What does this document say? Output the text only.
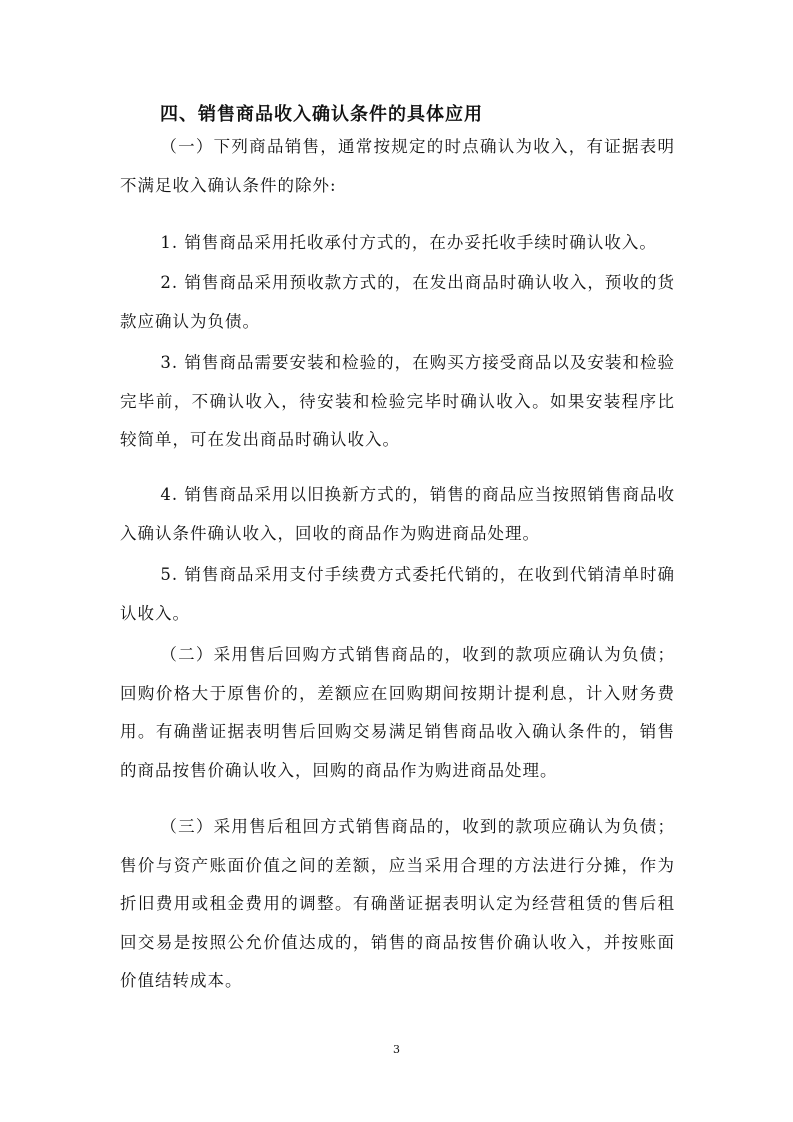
四、销售商品收入确认条件的具体应用

（一）下列商品销售，通常按规定的时点确认为收入，有证据表明不满足收入确认条件的除外:

1. 销售商品采用托收承付方式的，在办妥托收手续时确认收入。

2. 销售商品采用预收款方式的，在发出商品时确认收入，预收的货款应确认为负债。

3. 销售商品需要安装和检验的，在购买方接受商品以及安装和检验完毕前，不确认收入，待安装和检验完毕时确认收入。如果安装程序比较简单，可在发出商品时确认收入。

4. 销售商品采用以旧换新方式的，销售的商品应当按照销售商品收入确认条件确认收入，回收的商品作为购进商品处理。

5. 销售商品采用支付手续费方式委托代销的，在收到代销清单时确认收入。

（二）采用售后回购方式销售商品的，收到的款项应确认为负债；回购价格大于原售价的，差额应在回购期间按期计提利息，计入财务费用。有确凿证据表明售后回购交易满足销售商品收入确认条件的，销售的商品按售价确认收入，回购的商品作为购进商品处理。

（三）采用售后租回方式销售商品的，收到的款项应确认为负债；售价与资产账面价值之间的差额，应当采用合理的方法进行分摊，作为折旧费用或租金费用的调整。有确凿证据表明认定为经营租赁的售后租回交易是按照公允价值达成的，销售的商品按售价确认收入，并按账面价值结转成本。

3
